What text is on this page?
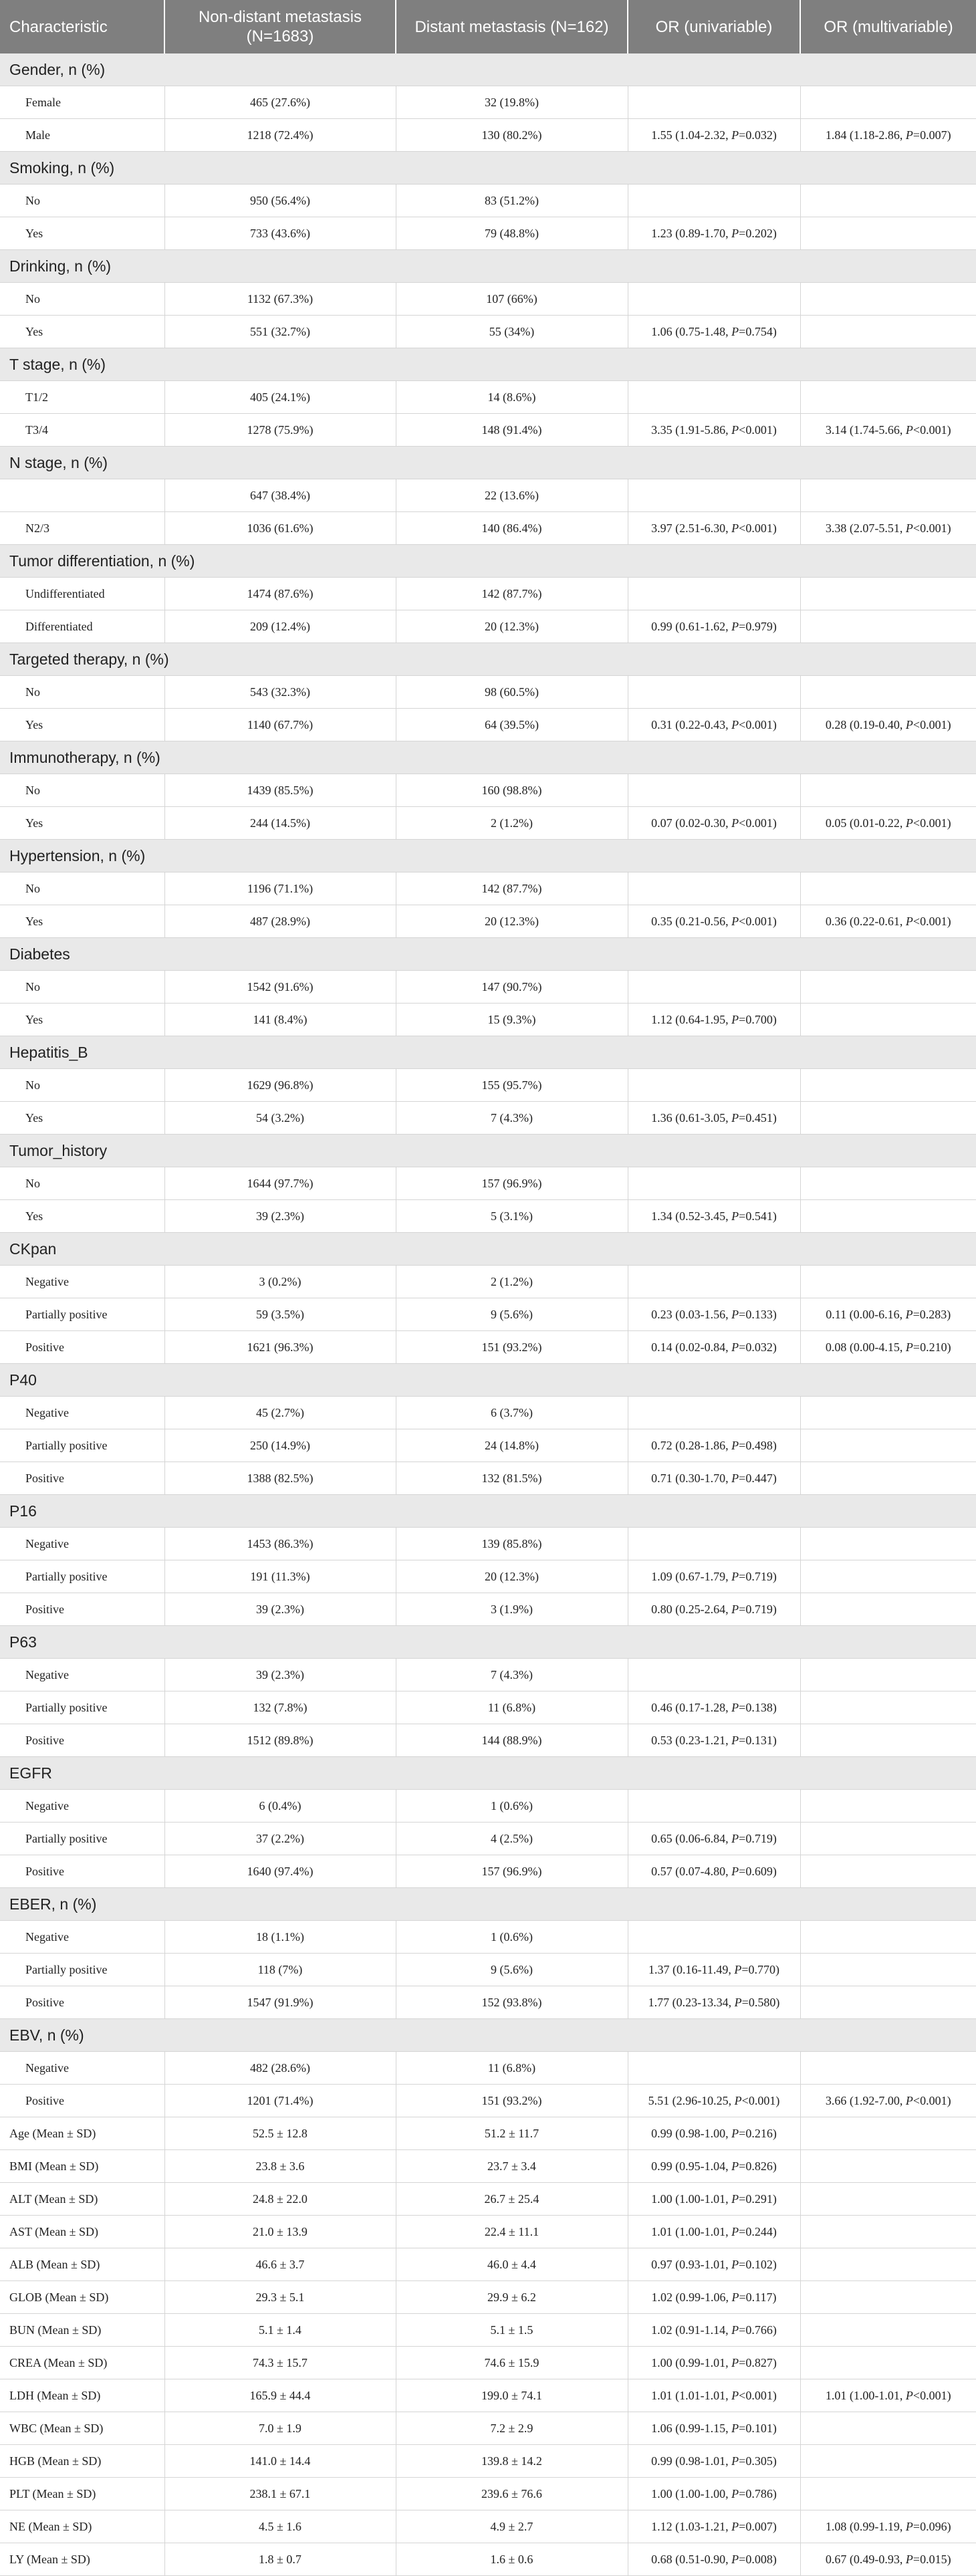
Characteristic	Non-distant metastasis (N=1683)	Distant metastasis (N=162)	OR (univariable)	OR (multivariable)
Gender, n (%)				
Female	465 (27.6%)	32 (19.8%)		
Male	1218 (72.4%)	130 (80.2%)	1.55 (1.04-2.32, P=0.032)	1.84 (1.18-2.86, P=0.007)
Smoking, n (%)				
No	950 (56.4%)	83 (51.2%)		
Yes	733 (43.6%)	79 (48.8%)	1.23 (0.89-1.70, P=0.202)	
Drinking, n (%)				
No	1132 (67.3%)	107 (66%)		
Yes	551 (32.7%)	55 (34%)	1.06 (0.75-1.48, P=0.754)	
T stage, n (%)				
T1/2	405 (24.1%)	14 (8.6%)		
T3/4	1278 (75.9%)	148 (91.4%)	3.35 (1.91-5.86, P<0.001)	3.14 (1.74-5.66, P<0.001)
N stage, n (%)				
	647 (38.4%)	22 (13.6%)		
N2/3	1036 (61.6%)	140 (86.4%)	3.97 (2.51-6.30, P<0.001)	3.38 (2.07-5.51, P<0.001)
Tumor differentiation, n (%)				
Undifferentiated	1474 (87.6%)	142 (87.7%)		
Differentiated	209 (12.4%)	20 (12.3%)	0.99 (0.61-1.62, P=0.979)	
Targeted therapy, n (%)				
No	543 (32.3%)	98 (60.5%)		
Yes	1140 (67.7%)	64 (39.5%)	0.31 (0.22-0.43, P<0.001)	0.28 (0.19-0.40, P<0.001)
Immunotherapy, n (%)				
No	1439 (85.5%)	160 (98.8%)		
Yes	244 (14.5%)	2 (1.2%)	0.07 (0.02-0.30, P<0.001)	0.05 (0.01-0.22, P<0.001)
Hypertension, n (%)				
No	1196 (71.1%)	142 (87.7%)		
Yes	487 (28.9%)	20 (12.3%)	0.35 (0.21-0.56, P<0.001)	0.36 (0.22-0.61, P<0.001)
Diabetes				
No	1542 (91.6%)	147 (90.7%)		
Yes	141 (8.4%)	15 (9.3%)	1.12 (0.64-1.95, P=0.700)	
Hepatitis_B				
No	1629 (96.8%)	155 (95.7%)		
Yes	54 (3.2%)	7 (4.3%)	1.36 (0.61-3.05, P=0.451)	
Tumor_history				
No	1644 (97.7%)	157 (96.9%)		
Yes	39 (2.3%)	5 (3.1%)	1.34 (0.52-3.45, P=0.541)	
CKpan				
Negative	3 (0.2%)	2 (1.2%)		
Partially positive	59 (3.5%)	9 (5.6%)	0.23 (0.03-1.56, P=0.133)	0.11 (0.00-6.16, P=0.283)
Positive	1621 (96.3%)	151 (93.2%)	0.14 (0.02-0.84, P=0.032)	0.08 (0.00-4.15, P=0.210)
P40				
Negative	45 (2.7%)	6 (3.7%)		
Partially positive	250 (14.9%)	24 (14.8%)	0.72 (0.28-1.86, P=0.498)	
Positive	1388 (82.5%)	132 (81.5%)	0.71 (0.30-1.70, P=0.447)	
P16				
Negative	1453 (86.3%)	139 (85.8%)		
Partially positive	191 (11.3%)	20 (12.3%)	1.09 (0.67-1.79, P=0.719)	
Positive	39 (2.3%)	3 (1.9%)	0.80 (0.25-2.64, P=0.719)	
P63				
Negative	39 (2.3%)	7 (4.3%)		
Partially positive	132 (7.8%)	11 (6.8%)	0.46 (0.17-1.28, P=0.138)	
Positive	1512 (89.8%)	144 (88.9%)	0.53 (0.23-1.21, P=0.131)	
EGFR				
Negative	6 (0.4%)	1 (0.6%)		
Partially positive	37 (2.2%)	4 (2.5%)	0.65 (0.06-6.84, P=0.719)	
Positive	1640 (97.4%)	157 (96.9%)	0.57 (0.07-4.80, P=0.609)	
EBER, n (%)				
Negative	18 (1.1%)	1 (0.6%)		
Partially positive	118 (7%)	9 (5.6%)	1.37 (0.16-11.49, P=0.770)	
Positive	1547 (91.9%)	152 (93.8%)	1.77 (0.23-13.34, P=0.580)	
EBV, n (%)				
Negative	482 (28.6%)	11 (6.8%)		
Positive	1201 (71.4%)	151 (93.2%)	5.51 (2.96-10.25, P<0.001)	3.66 (1.92-7.00, P<0.001)
Age (Mean ± SD)	52.5 ± 12.8	51.2 ± 11.7	0.99 (0.98-1.00, P=0.216)	
BMI (Mean ± SD)	23.8 ± 3.6	23.7 ± 3.4	0.99 (0.95-1.04, P=0.826)	
ALT (Mean ± SD)	24.8 ± 22.0	26.7 ± 25.4	1.00 (1.00-1.01, P=0.291)	
AST (Mean ± SD)	21.0 ± 13.9	22.4 ± 11.1	1.01 (1.00-1.01, P=0.244)	
ALB (Mean ± SD)	46.6 ± 3.7	46.0 ± 4.4	0.97 (0.93-1.01, P=0.102)	
GLOB (Mean ± SD)	29.3 ± 5.1	29.9 ± 6.2	1.02 (0.99-1.06, P=0.117)	
BUN (Mean ± SD)	5.1 ± 1.4	5.1 ± 1.5	1.02 (0.91-1.14, P=0.766)	
CREA (Mean ± SD)	74.3 ± 15.7	74.6 ± 15.9	1.00 (0.99-1.01, P=0.827)	
LDH (Mean ± SD)	165.9 ± 44.4	199.0 ± 74.1	1.01 (1.01-1.01, P<0.001)	1.01 (1.00-1.01, P<0.001)
WBC (Mean ± SD)	7.0 ± 1.9	7.2 ± 2.9	1.06 (0.99-1.15, P=0.101)	
HGB (Mean ± SD)	141.0 ± 14.4	139.8 ± 14.2	0.99 (0.98-1.01, P=0.305)	
PLT (Mean ± SD)	238.1 ± 67.1	239.6 ± 76.6	1.00 (1.00-1.00, P=0.786)	
NE (Mean ± SD)	4.5 ± 1.6	4.9 ± 2.7	1.12 (1.03-1.21, P=0.007)	1.08 (0.99-1.19, P=0.096)
LY (Mean ± SD)	1.8 ± 0.7	1.6 ± 0.6	0.68 (0.51-0.90, P=0.008)	0.67 (0.49-0.93, P=0.015)
